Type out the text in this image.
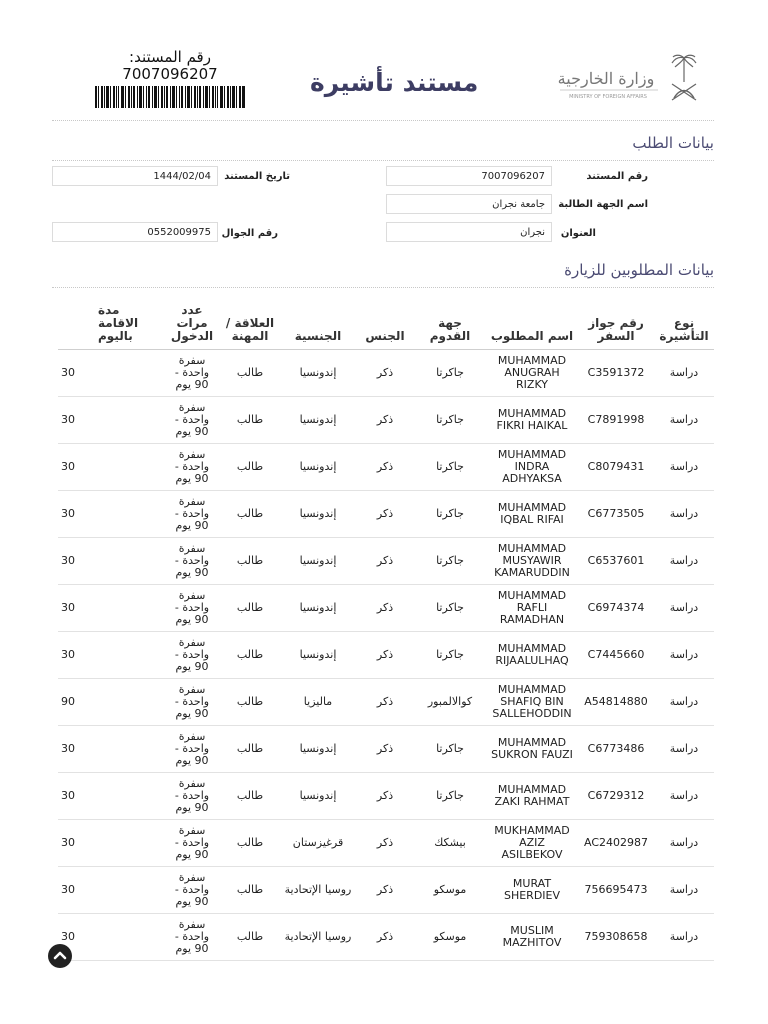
رقم المستند:
7007096207	مستند تأشيرة	وزارة الخارجية
MINISTRY OF FOREIGN AFFAIRS
بيانات الطلب
رقم المستند
7007096207
تاريخ المستند
1444/02/04
اسم الجهة الطالبة
جامعة نجران
العنوان
نجران
رقم الجوال
0552009975
بيانات المطلوبين للزيارة
نوع التأشيرة	رقم جواز السفر	اسم المطلوب	جهة القدوم	الجنس	الجنسية	العلاقة / المهنة	عدد مرات الدخول	مدة الاقامة باليوم
دراسة	C3591372	MUHAMMAD ANUGRAH RIZKY	جاكرتا	ذكر	إندونسيا	طالب	سفرة واحدة - 90 يوم	30
دراسة	C7891998	MUHAMMAD FIKRI HAIKAL	جاكرتا	ذكر	إندونسيا	طالب	سفرة واحدة - 90 يوم	30
دراسة	C8079431	MUHAMMAD INDRA ADHYAKSA	جاكرتا	ذكر	إندونسيا	طالب	سفرة واحدة - 90 يوم	30
دراسة	C6773505	MUHAMMAD IQBAL RIFAI	جاكرتا	ذكر	إندونسيا	طالب	سفرة واحدة - 90 يوم	30
دراسة	C6537601	MUHAMMAD MUSYAWIR KAMARUDDIN	جاكرتا	ذكر	إندونسيا	طالب	سفرة واحدة - 90 يوم	30
دراسة	C6974374	MUHAMMAD RAFLI RAMADHAN	جاكرتا	ذكر	إندونسيا	طالب	سفرة واحدة - 90 يوم	30
دراسة	C7445660	MUHAMMAD RIJAALULHAQ	جاكرتا	ذكر	إندونسيا	طالب	سفرة واحدة - 90 يوم	30
دراسة	A54814880	MUHAMMAD SHAFIQ BIN SALLEHODDIN	كوالالمبور	ذكر	ماليزيا	طالب	سفرة واحدة - 90 يوم	90
دراسة	C6773486	MUHAMMAD SUKRON FAUZI	جاكرتا	ذكر	إندونسيا	طالب	سفرة واحدة - 90 يوم	30
دراسة	C6729312	MUHAMMAD ZAKI RAHMAT	جاكرتا	ذكر	إندونسيا	طالب	سفرة واحدة - 90 يوم	30
دراسة	AC2402987	MUKHAMMAD AZIZ ASILBEKOV	بيشكك	ذكر	قرغيزستان	طالب	سفرة واحدة - 90 يوم	30
دراسة	756695473	MURAT SHERDIEV	موسكو	ذكر	روسيا الإتحادية	طالب	سفرة واحدة - 90 يوم	30
دراسة	759308658	MUSLIM MAZHITOV	موسكو	ذكر	روسيا الإتحادية	طالب	سفرة واحدة - 90 يوم	30
